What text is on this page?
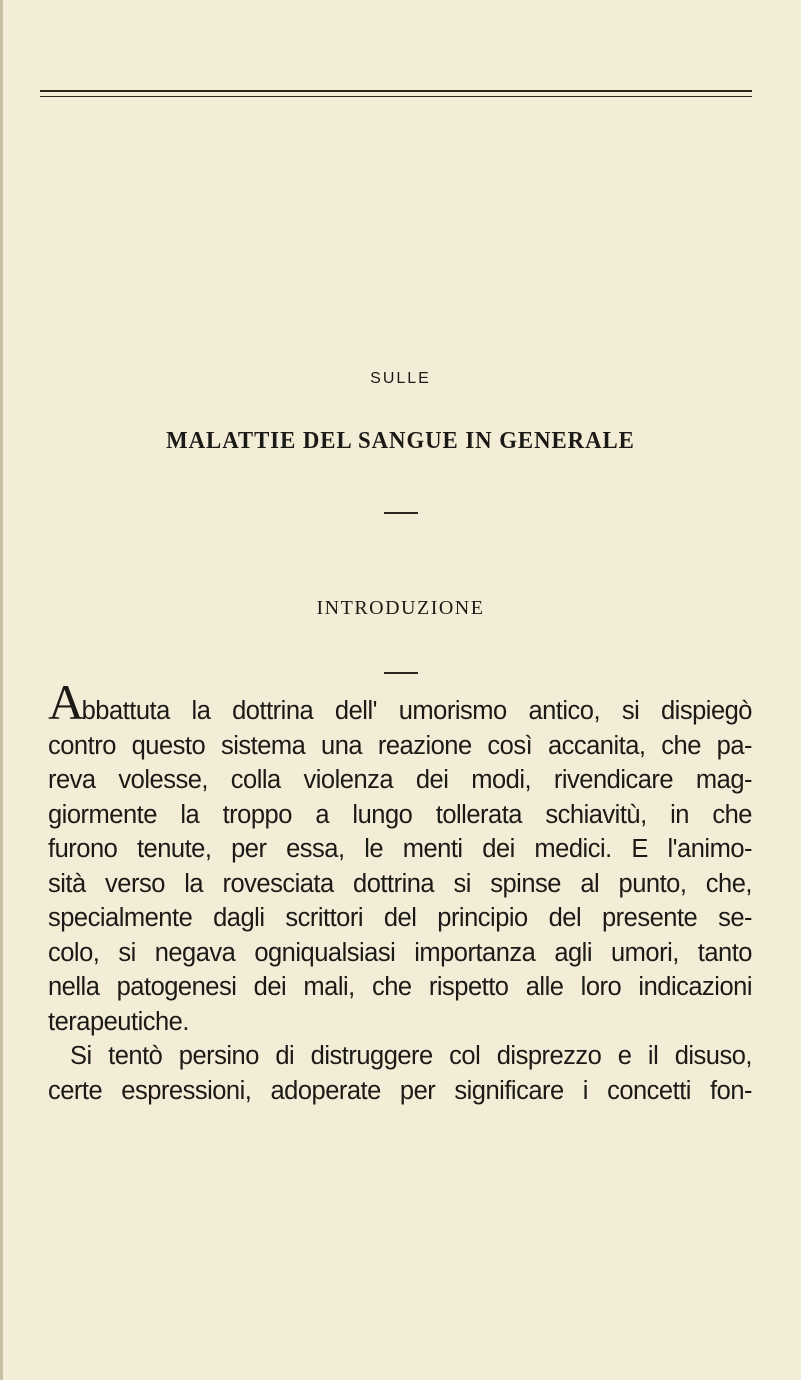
SULLE
MALATTIE DEL SANGUE IN GENERALE
INTRODUZIONE
Abbattuta la dottrina dell' umorismo antico, si dispiegò
contro questo sistema una reazione così accanita, che pa-
reva volesse, colla violenza dei modi, rivendicare mag-
giormente la troppo a lungo tollerata schiavitù, in che
furono tenute, per essa, le menti dei medici. E l'animo-
sità verso la rovesciata dottrina si spinse al punto, che,
specialmente dagli scrittori del principio del presente se-
colo, si negava ogniqualsiasi importanza agli umori, tanto
nella patogenesi dei mali, che rispetto alle loro indicazioni
terapeutiche.
Si tentò persino di distruggere col disprezzo e il disuso,
certe espressioni, adoperate per significare i concetti fon-
